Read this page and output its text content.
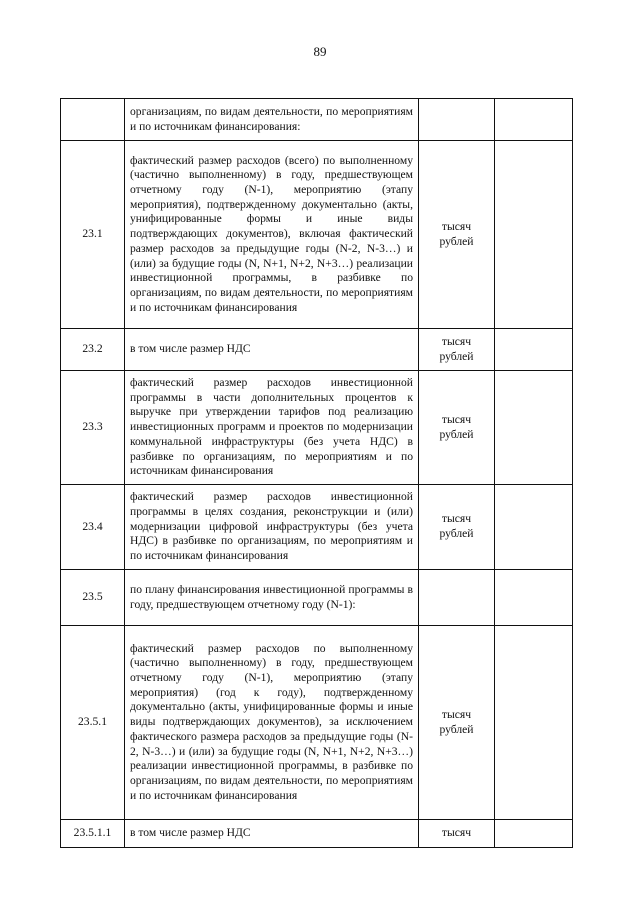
89
	организациям, по видам деятельности, по мероприятиям и по источникам финансирования:		
23.1	фактический размер расходов (всего) по выполненному (частично выполненному) в году, предшествующем отчетному году (N-1), мероприятию (этапу мероприятия), подтвержденному документально (акты, унифицированные формы и иные виды подтверждающих документов), включая фактический размер расходов за предыдущие годы (N-2, N-3…) и (или) за будущие годы (N, N+1, N+2, N+3…) реализации инвестиционной программы, в разбивке по организациям, по видам деятельности, по мероприятиям и по источникам финансирования	тысяч рублей	
23.2	в том числе размер НДС	тысяч рублей	
23.3	фактический размер расходов инвестиционной программы в части дополнительных процентов к выручке при утверждении тарифов под реализацию инвестиционных программ и проектов по модернизации коммунальной инфраструктуры (без учета НДС) в разбивке по организациям, по мероприятиям и по источникам финансирования	тысяч рублей	
23.4	фактический размер расходов инвестиционной программы в целях создания, реконструкции и (или) модернизации цифровой инфраструктуры (без учета НДС) в разбивке по организациям, по мероприятиям и по источникам финансирования	тысяч рублей	
23.5	по плану финансирования инвестиционной программы в году, предшествующем отчетному году (N-1):		
23.5.1	фактический размер расходов по выполненному (частично выполненному) в году, предшествующем отчетному году (N-1), мероприятию (этапу мероприятия) (год к году), подтвержденному документально (акты, унифицированные формы и иные виды подтверждающих документов), за исключением фактического размера расходов за предыдущие годы (N-2, N-3…) и (или) за будущие годы (N, N+1, N+2, N+3…) реализации инвестиционной программы, в разбивке по организациям, по видам деятельности, по мероприятиям и по источникам финансирования	тысяч рублей	
23.5.1.1	в том числе размер НДС	тысяч	
